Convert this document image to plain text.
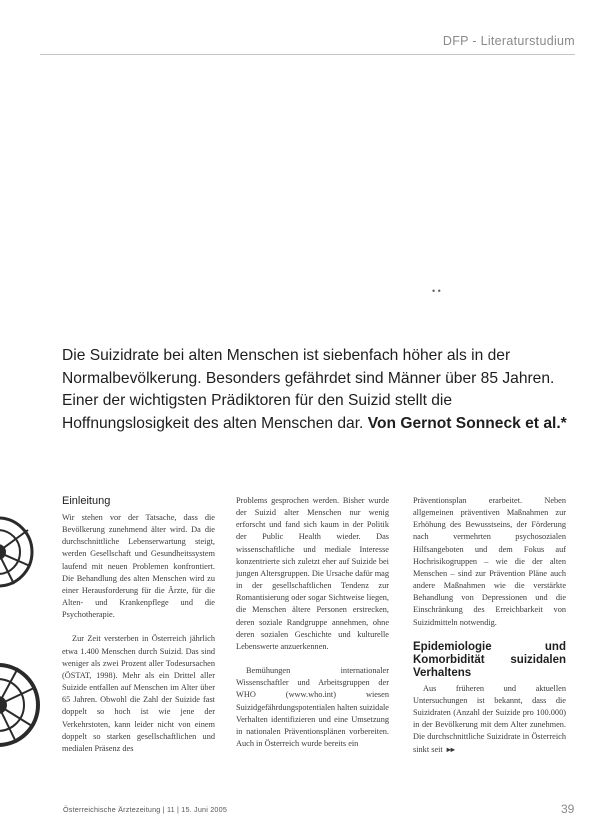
DFP - Literaturstudium
• •
Die Suizidrate bei alten Menschen ist siebenfach höher als in der Normalbevölkerung. Besonders gefährdet sind Männer über 85 Jahren. Einer der wichtigsten Prädiktoren für den Suizid stellt die Hoffnungslosigkeit des alten Menschen dar. Von Gernot Sonneck et al.*
Einleitung

Wir stehen vor der Tatsache, dass die Bevölkerung zunehmend älter wird. Da die durchschnittliche Lebenserwartung steigt, werden Gesellschaft und Gesundheitssystem laufend mit neuen Problemen konfrontiert. Die Behandlung des alten Menschen wird zu einer Herausforderung für die Ärzte, für die Alten- und Krankenpflege und die Psychotherapie.

Zur Zeit versterben in Österreich jährlich etwa 1.400 Menschen durch Suizid. Das sind weniger als zwei Prozent aller Todesursachen (ÖSTAT, 1998). Mehr als ein Drittel aller Suizide entfallen auf Menschen im Alter über 65 Jahren. Obwohl die Zahl der Suizide fast doppelt so hoch ist wie jene der Verkehrstoten, kann leider nicht von einem doppelt so starken gesellschaftlichen und medialen Präsenz des

Problems gesprochen werden. Bisher wurde der Suizid alter Menschen nur wenig erforscht und fand sich kaum in der Politik der Public Health wieder. Das wissenschaftliche und mediale Interesse konzentrierte sich zuletzt eher auf Suizide bei jungen Altersgruppen. Die Ursache dafür mag in der gesellschaftlichen Tendenz zur Romantisierung oder sogar Sichtweise liegen, die Menschen ältere Personen erstrecken, deren soziale Randgruppe annehmen, ohne deren sozialen Geschichte und kulturelle Lebenswerte anzuerkennen.

Bemühungen internationaler Wissenschaftler und Arbeitsgruppen der WHO (www.who.int) wiesen Suizidgefährdungspotentialen halten suizidale Verhalten identifizieren und eine Umsetzung in nationalen Präventionsplänen vorbereiten. Auch in Österreich wurde bereits ein

Präventionsplan erarbeitet. Neben allgemeinen präventiven Maßnahmen zur Erhöhung des Bewusstseins, der Förderung nach vermehrten psychosozialen Hilfsangeboten und dem Fokus auf Hochrisikogruppen – wie die der alten Menschen – sind zur Prävention Pläne auch andere Maßnahmen wie die verstärkte Behandlung von Depressionen und die Einschränkung des Erreichbarkeit von Suizidmitteln notwendig.

Epidemiologie und Komorbidität suizidalen Verhaltens

Aus früheren und aktuellen Untersuchungen ist bekannt, dass die Suizidraten (Anzahl der Suizide pro 100.000) in der Bevölkerung mit dem Alter zunehmen. Die durchschnittliche Suizidrate in Österreich sinkt seit ▸▸

Österreichische Ärztezeitung | 11 | 15. Juni 2005	39
